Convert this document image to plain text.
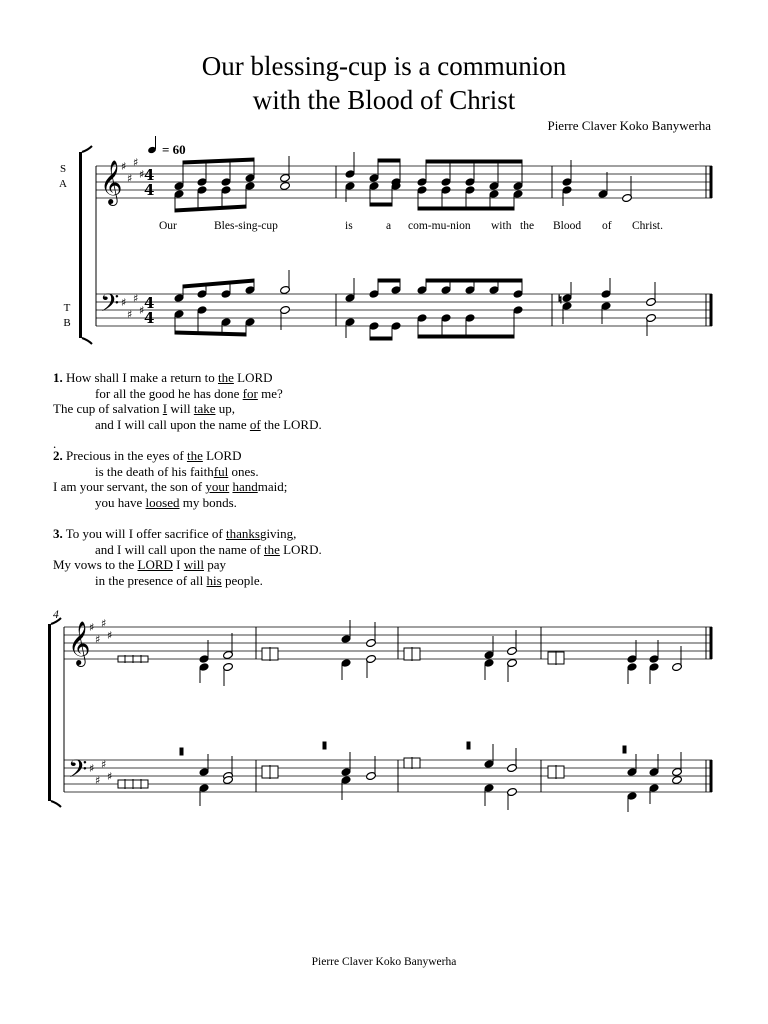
Our blessing-cup is a communion
with the Blood of Christ
Pierre Claver Koko Banywerha
S
A
T
B
𝄞
𝄢
♯
♯
♯
♯
♯
♯
♯
♯
4
4
4
4
= 60
♮
Our	Bles-sing-cup	is	a com-mu-nion with the Blood of Christ.
4
𝄞
𝄢
♯
♯
♯
♯
♯
♯
♯
♯
1. How shall I make a return to the LORD
for all the good he has done for me?
The cup of salvation I will take up,
and I will call upon the name of the LORD.
.
2. Precious in the eyes of the LORD
is the death of his faithful ones.
I am your servant, the son of your handmaid;
you have loosed my bonds.
3. To you will I offer sacrifice of thanksgiving,
and I will call upon the name of the LORD.
My vows to the LORD I will pay
in the presence of all his people.
Pierre Claver Koko Banywerha
